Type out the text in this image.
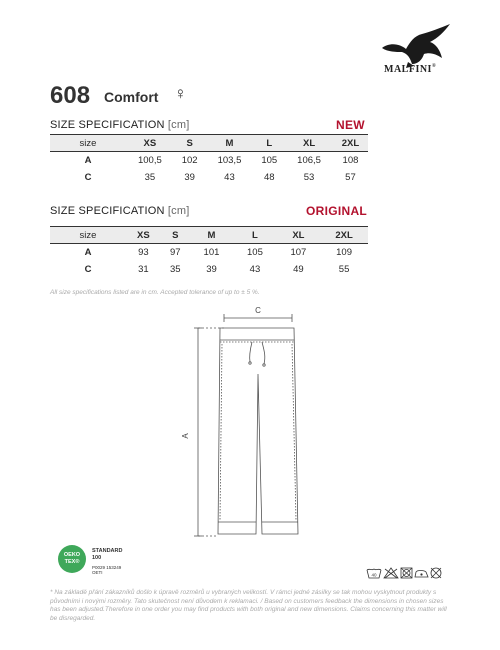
MALFINI®
608 Comfort ♀
SIZE SPECIFICATION [cm]	NEW
size	XS	S	M	L	XL	2XL
A	100,5	102	103,5	105	106,5	108
C	35	39	43	48	53	57
SIZE SPECIFICATION [cm]	ORIGINAL
size	XS	S	M	L	XL	2XL
A	93	97	101	105	107	109
C	31	35	39	43	49	55
All size specifications listed are in cm. Accepted tolerance of up to ± 5 %.
C
A
OEKO
TEX®
STANDARD
100
P0029 153249
OETI	40
* Na základě přání zákazníků došlo k úpravě rozměrů u vybraných velikostí. V rámci jedné zásilky se tak mohou vyskytnout produkty s původními i novými rozměry. Tato skutečnost není důvodem k reklamaci. / Based on customers feedback the dimensions in chosen sizes has been adjusted.Therefore in one order you may find products with both original and new dimensions. Claims concerning this matter will be disregarded.
